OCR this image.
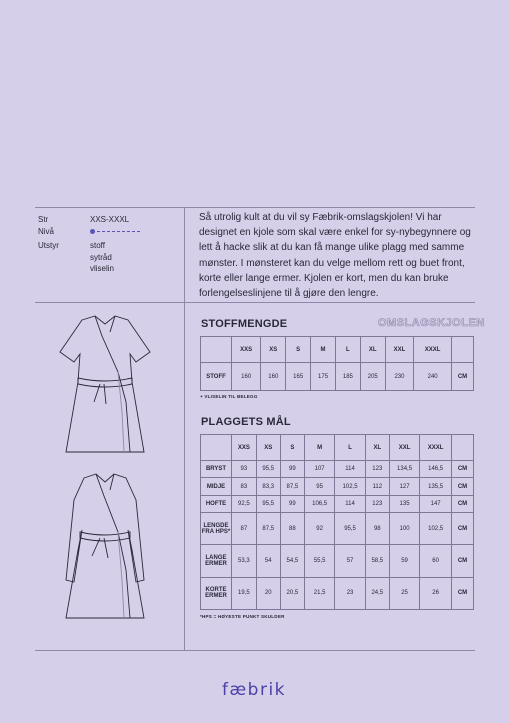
Str	XXS-XXXL
Nivå
Utstyr	stoff
sytråd
vliselin

Så utrolig kult at du vil sy Fæbrik-omslagskjolen! Vi har designet en kjole som skal være enkel for sy-nybegynnere og lett å hacke slik at du kan få mange ulike plagg med samme mønster. I mønsteret kan du velge mellom rett og buet front, korte eller lange ermer. Kjolen er kort, men du kan bruke forlengelseslinjene til å gjøre den lengre.

STOFFMENGDE	OMSLAGSKJOLEN
	XXS	XS	S	M	L	XL	XXL	XXXL	
STOFF	160	160	165	175	185	205	230	240	CM
+ VLISELIN TIL BELEGG
PLAGGETS MÅL
	XXS	XS	S	M	L	XL	XXL	XXXL	
BRYST	93	95,5	99	107	114	123	134,5	146,5	CM
MIDJE	83	83,3	87,5	95	102,5	112	127	135,5	CM
HOFTE	92,5	95,5	99	106,5	114	123	135	147	CM
LENGDE FRA HPS*	87	87,5	88	92	95,5	98	100	102,5	CM
LANGE ERMER	53,3	54	54,5	55,5	57	58,5	59	60	CM
KORTE ERMER	19,5	20	20,5	21,5	23	24,5	25	26	CM
*HPS = HØYESTE PUNKT SKULDER
fæbrik
